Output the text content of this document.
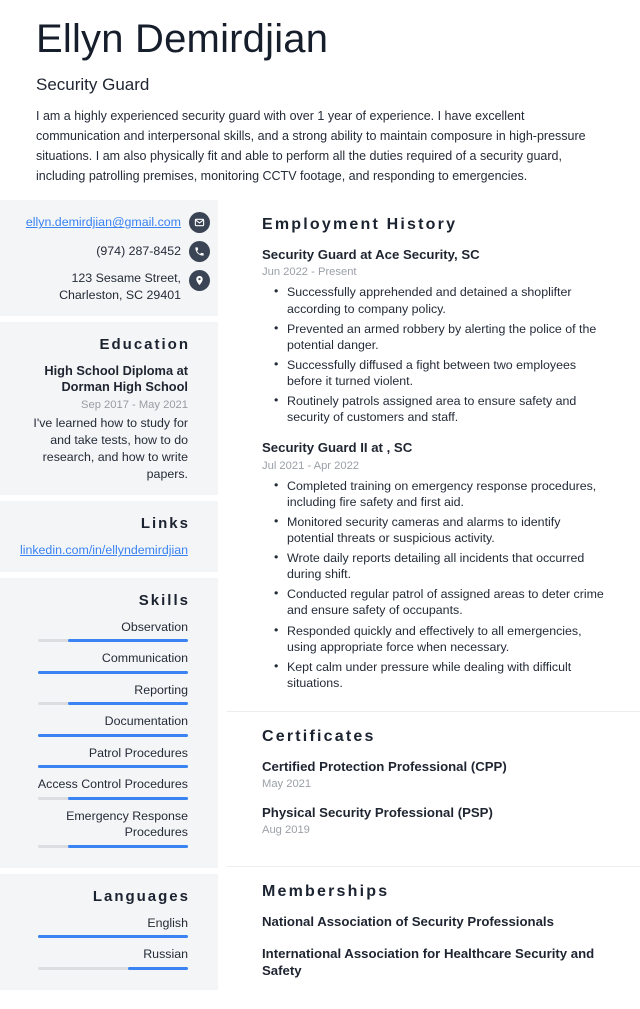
Ellyn Demirdjian
Security Guard

I am a highly experienced security guard with over 1 year of experience. I have excellent communication and interpersonal skills, and a strong ability to maintain composure in high-pressure situations. I am also physically fit and able to perform all the duties required of a security guard, including patrolling premises, monitoring CCTV footage, and responding to emergencies.

ellyn.demirdjian@gmail.com
(974) 287-8452
123 Sesame Street, Charleston, SC 29401
Education
High School Diploma at Dorman High School
Sep 2017 - May 2021
I've learned how to study for and take tests, how to do research, and how to write papers.
Links
linkedin.com/in/ellyndemirdjian
Skills
Observation
Communication
Reporting
Documentation
Patrol Procedures
Access Control Procedures
Emergency Response Procedures
Languages
English
Russian
Employment History
Security Guard at Ace Security, SC
Jun 2022 - Present
• Successfully apprehended and detained a shoplifter according to company policy.
• Prevented an armed robbery by alerting the police of the potential danger.
• Successfully diffused a fight between two employees before it turned violent.
• Routinely patrols assigned area to ensure safety and security of customers and staff.
Security Guard II at , SC
Jul 2021 - Apr 2022
• Completed training on emergency response procedures, including fire safety and first aid.
• Monitored security cameras and alarms to identify potential threats or suspicious activity.
• Wrote daily reports detailing all incidents that occurred during shift.
• Conducted regular patrol of assigned areas to deter crime and ensure safety of occupants.
• Responded quickly and effectively to all emergencies, using appropriate force when necessary.
• Kept calm under pressure while dealing with difficult situations.
Certificates
Certified Protection Professional (CPP)
May 2021
Physical Security Professional (PSP)
Aug 2019
Memberships
National Association of Security Professionals
International Association for Healthcare Security and Safety
